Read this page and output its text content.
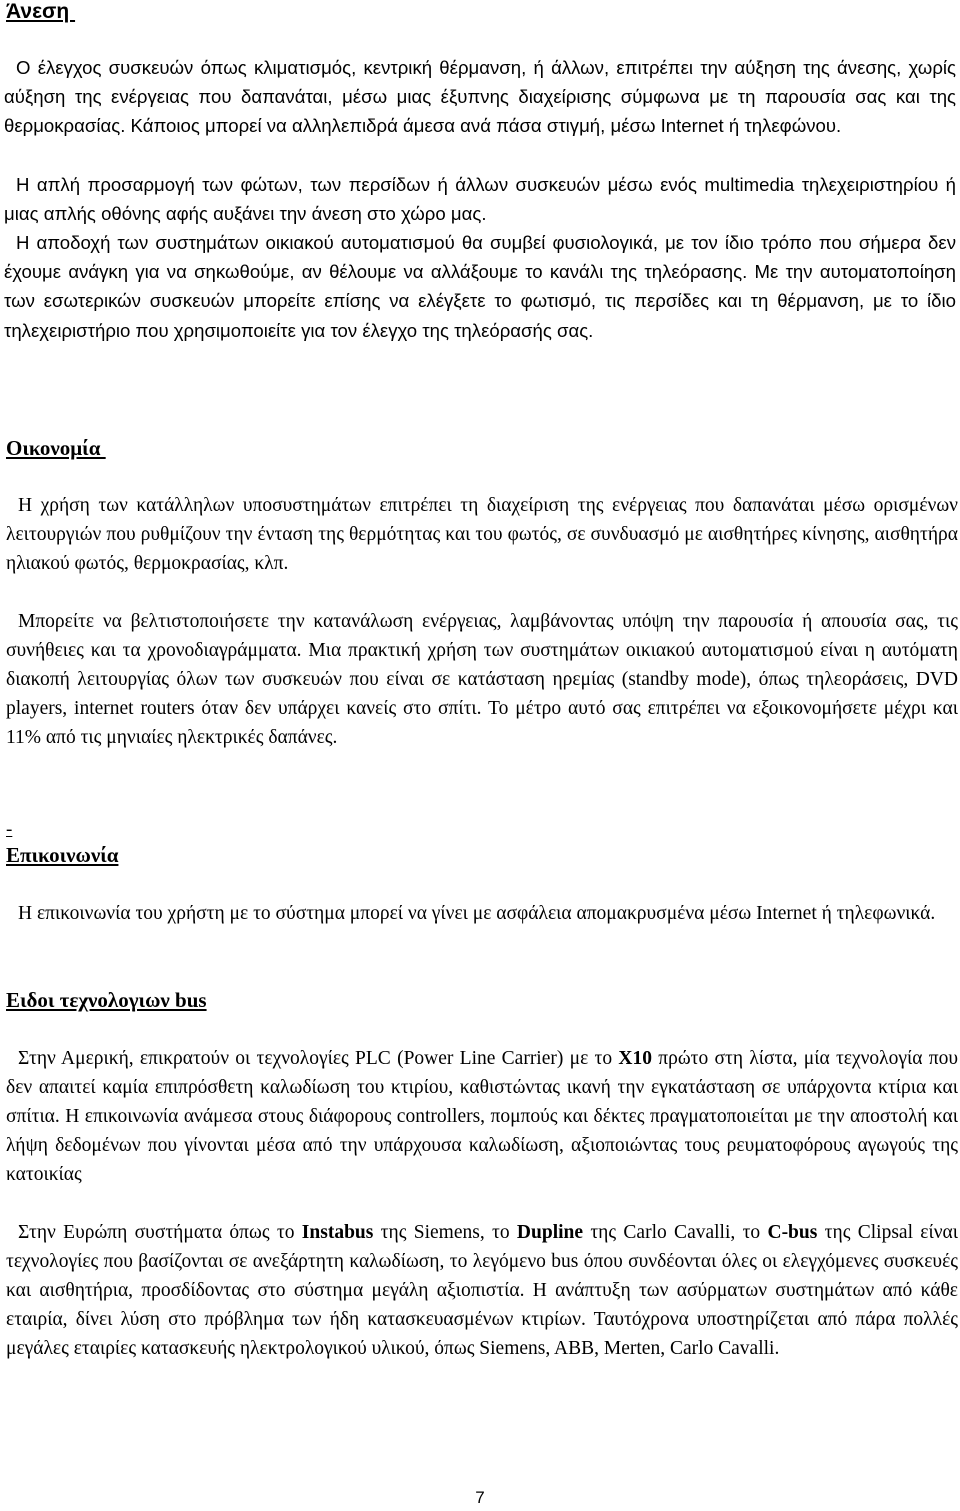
Άνεση

Ο έλεγχος συσκευών όπως κλιματισμός, κεντρική θέρμανση, ή άλλων, επιτρέπει την αύξηση της άνεσης, χωρίς αύξηση της ενέργειας που δαπανάται, μέσω μιας έξυπνης διαχείρισης σύμφωνα με τη παρουσία σας και της θερμοκρασίας. Κάποιος μπορεί να αλληλεπιδρά άμεσα ανά πάσα στιγμή, μέσω Internet ή τηλεφώνου.

Η απλή προσαρμογή των φώτων, των περσίδων ή άλλων συσκευών μέσω ενός multimedia τηλεχειριστηρίου ή μιας απλής οθόνης αφής αυξάνει την άνεση στο χώρο μας.

Η αποδοχή των συστημάτων οικιακού αυτοματισμού θα συμβεί φυσιολογικά, με τον ίδιο τρόπο που σήμερα δεν έχουμε ανάγκη για να σηκωθούμε, αν θέλουμε να αλλάξουμε το κανάλι της τηλεόρασης. Με την αυτοματοποίηση των εσωτερικών συσκευών μπορείτε επίσης να ελέγξετε το φωτισμό, τις περσίδες και τη θέρμανση, με το ίδιο τηλεχειριστήριο που χρησιμοποιείτε για τον έλεγχο της τηλεόρασής σας.

Οικονομία

Η χρήση των κατάλληλων υποσυστημάτων επιτρέπει τη διαχείριση της ενέργειας που δαπανάται μέσω ορισμένων λειτουργιών που ρυθμίζουν την ένταση της θερμότητας και του φωτός, σε συνδυασμό με αισθητήρες κίνησης, αισθητήρα ηλιακού φωτός, θερμοκρασίας, κλπ.

Μπορείτε να βελτιστοποιήσετε την κατανάλωση ενέργειας, λαμβάνοντας υπόψη την παρουσία ή απουσία σας, τις συνήθειες και τα χρονοδιαγράμματα. Μια πρακτική χρήση των συστημάτων οικιακού αυτοματισμού είναι η αυτόματη διακοπή λειτουργίας όλων των συσκευών που είναι σε κατάσταση ηρεμίας (standby mode), όπως τηλεοράσεις, DVD players, internet routers όταν δεν υπάρχει κανείς στο σπίτι. Το μέτρο αυτό σας επιτρέπει να εξοικονομήσετε μέχρι και 11% από τις μηνιαίες ηλεκτρικές δαπάνες.

-
Επικοινωνία

Η επικοινωνία του χρήστη με το σύστημα μπορεί να γίνει με ασφάλεια απομακρυσμένα μέσω Internet ή τηλεφωνικά.

Ειδοι τεχνολογιων bus

Στην Αμερική, επικρατούν οι τεχνολογίες PLC (Power Line Carrier) με το X10 πρώτο στη λίστα, μία τεχνολογία που δεν απαιτεί καμία επιπρόσθετη καλωδίωση του κτιρίου, καθιστώντας ικανή την εγκατάσταση σε υπάρχοντα κτίρια και σπίτια. Η επικοινωνία ανάμεσα στους διάφορους controllers, πομπούς και δέκτες πραγματοποιείται με την αποστολή και λήψη δεδομένων που γίνονται μέσα από την υπάρχουσα καλωδίωση, αξιοποιώντας τους ρευματοφόρους αγωγούς της κατοικίας

Στην Ευρώπη συστήματα όπως το Instabus της Siemens, το Dupline της Carlo Cavalli, το C-bus της Clipsal είναι τεχνολογίες που βασίζονται σε ανεξάρτητη καλωδίωση, το λεγόμενο bus όπου συνδέονται όλες οι ελεγχόμενες συσκευές και αισθητήρια, προσδίδοντας στο σύστημα μεγάλη αξιοπιστία. Η ανάπτυξη των ασύρματων συστημάτων από κάθε εταιρία, δίνει λύση στο πρόβλημα των ήδη κατασκευασμένων κτιρίων. Ταυτόχρονα υποστηρίζεται από πάρα πολλές μεγάλες εταιρίες κατασκευής ηλεκτρολογικού υλικού, όπως Siemens, ABB, Merten, Carlo Cavalli.

7
